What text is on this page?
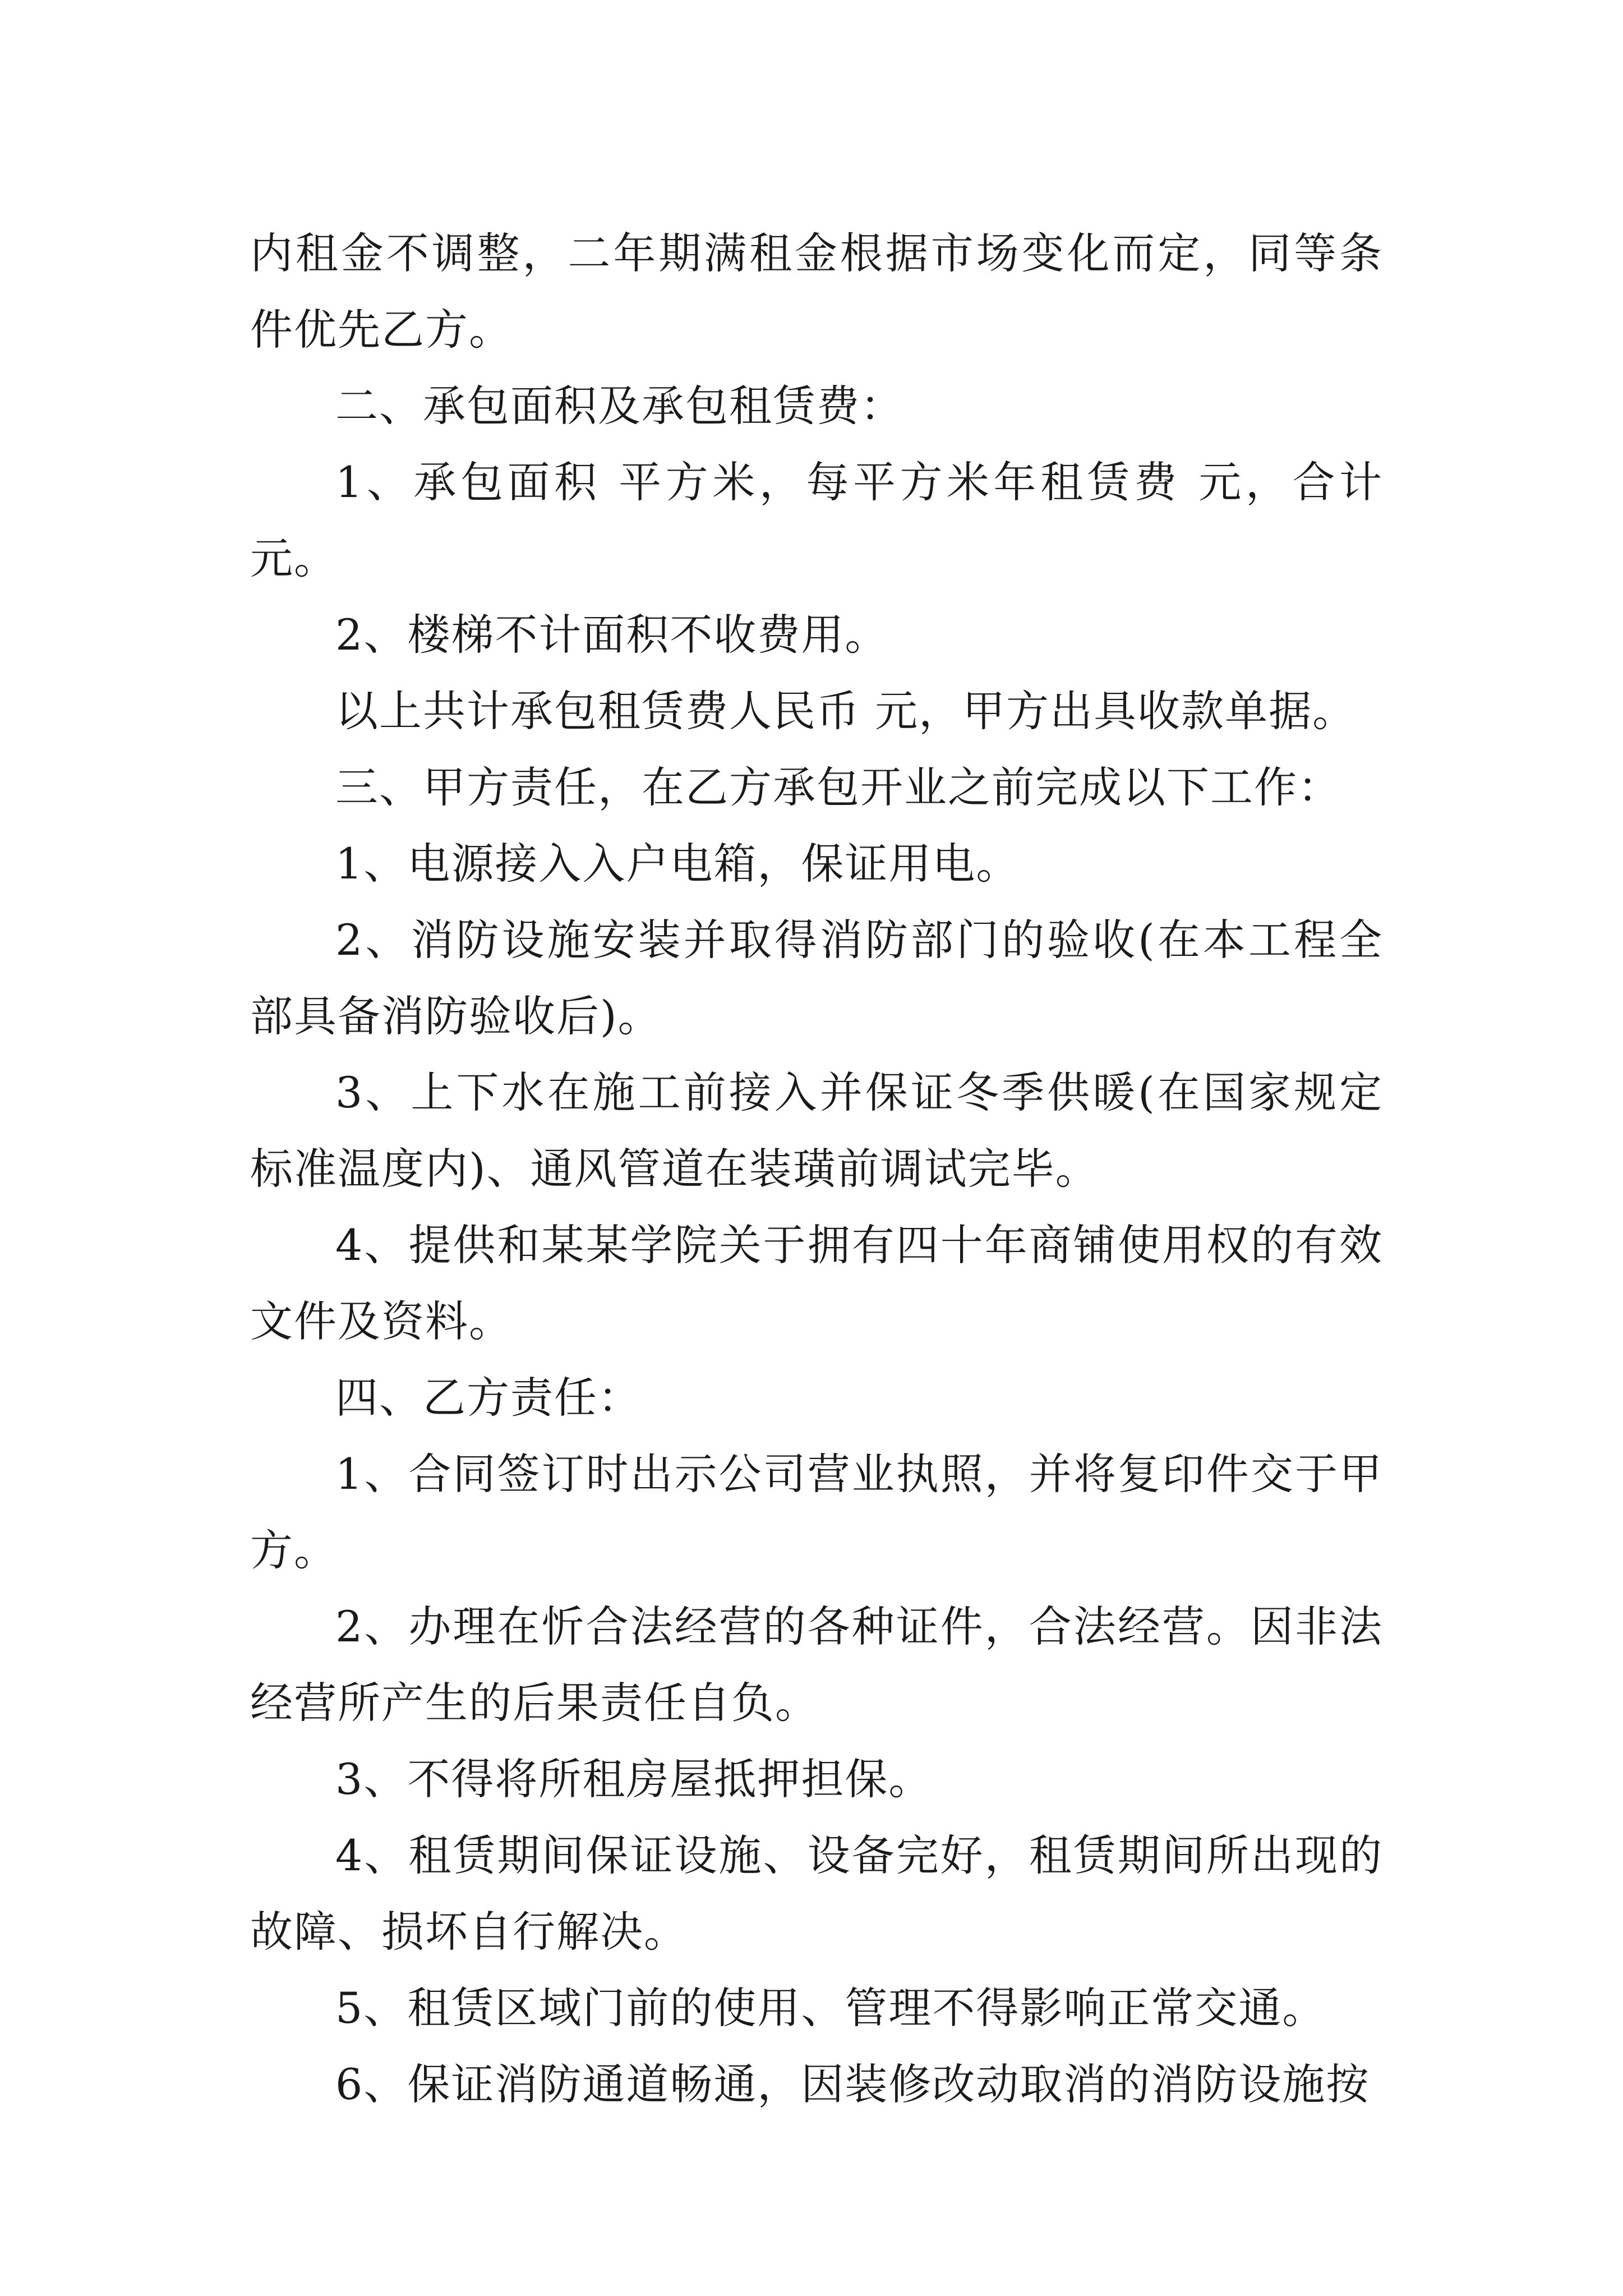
内租金不调整，二年期满租金根据市场变化而定，同等条件优先乙方。

二、承包面积及承包租赁费：

1、承包面积 平方米，每平方米年租赁费 元，合计 元。

2、楼梯不计面积不收费用。

以上共计承包租赁费人民币 元，甲方出具收款单据。

三、甲方责任，在乙方承包开业之前完成以下工作：

1、电源接入入户电箱，保证用电。

2、消防设施安装并取得消防部门的验收(在本工程全部具备消防验收后)。

3、上下水在施工前接入并保证冬季供暖(在国家规定标准温度内)、通风管道在装璜前调试完毕。

4、提供和某某学院关于拥有四十年商铺使用权的有效文件及资料。

四、乙方责任：

1、合同签订时出示公司营业执照，并将复印件交于甲方。

2、办理在忻合法经营的各种证件，合法经营。因非法经营所产生的后果责任自负。

3、不得将所租房屋抵押担保。

4、租赁期间保证设施、设备完好，租赁期间所出现的故障、损坏自行解决。

5、租赁区域门前的使用、管理不得影响正常交通。

6、保证消防通道畅通，因装修改动取消的消防设施按
